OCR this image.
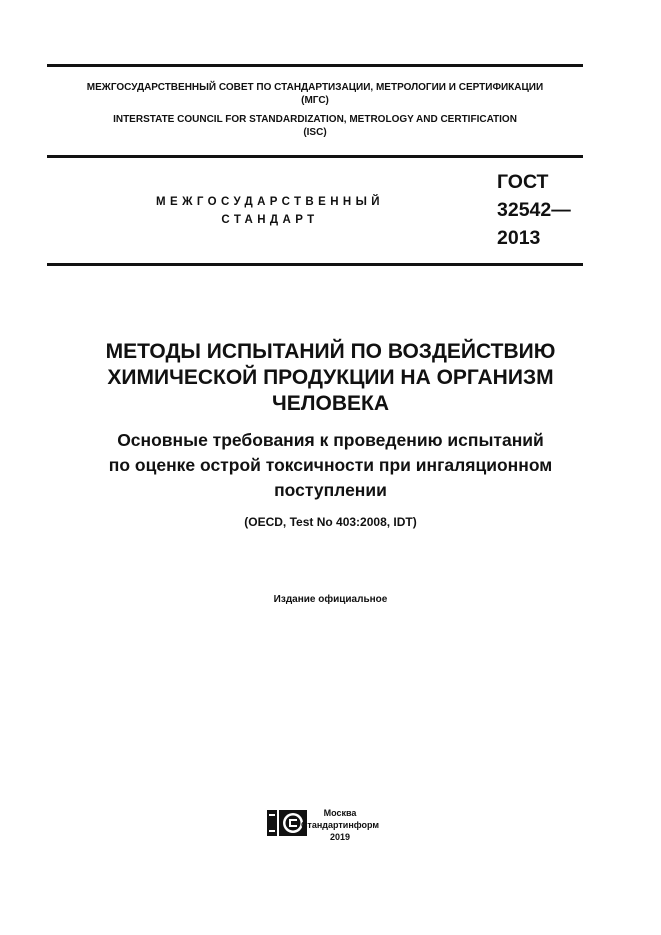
МЕЖГОСУДАРСТВЕННЫЙ СОВЕТ ПО СТАНДАРТИЗАЦИИ, МЕТРОЛОГИИ И СЕРТИФИКАЦИИ
(МГС)
INTERSTATE COUNCIL FOR STANDARDIZATION, METROLOGY AND CERTIFICATION
(ISC)
МЕЖГОСУДАРСТВЕННЫЙ
СТАНДАРТ
ГОСТ
32542—
2013
МЕТОДЫ ИСПЫТАНИЙ ПО ВОЗДЕЙСТВИЮ
ХИМИЧЕСКОЙ ПРОДУКЦИИ НА ОРГАНИЗМ
ЧЕЛОВЕКА
Основные требования к проведению испытаний
по оценке острой токсичности при ингаляционном
поступлении
(OECD, Test No 403:2008, IDT)
Издание официальное
Москва
Стандартинформ
2019
